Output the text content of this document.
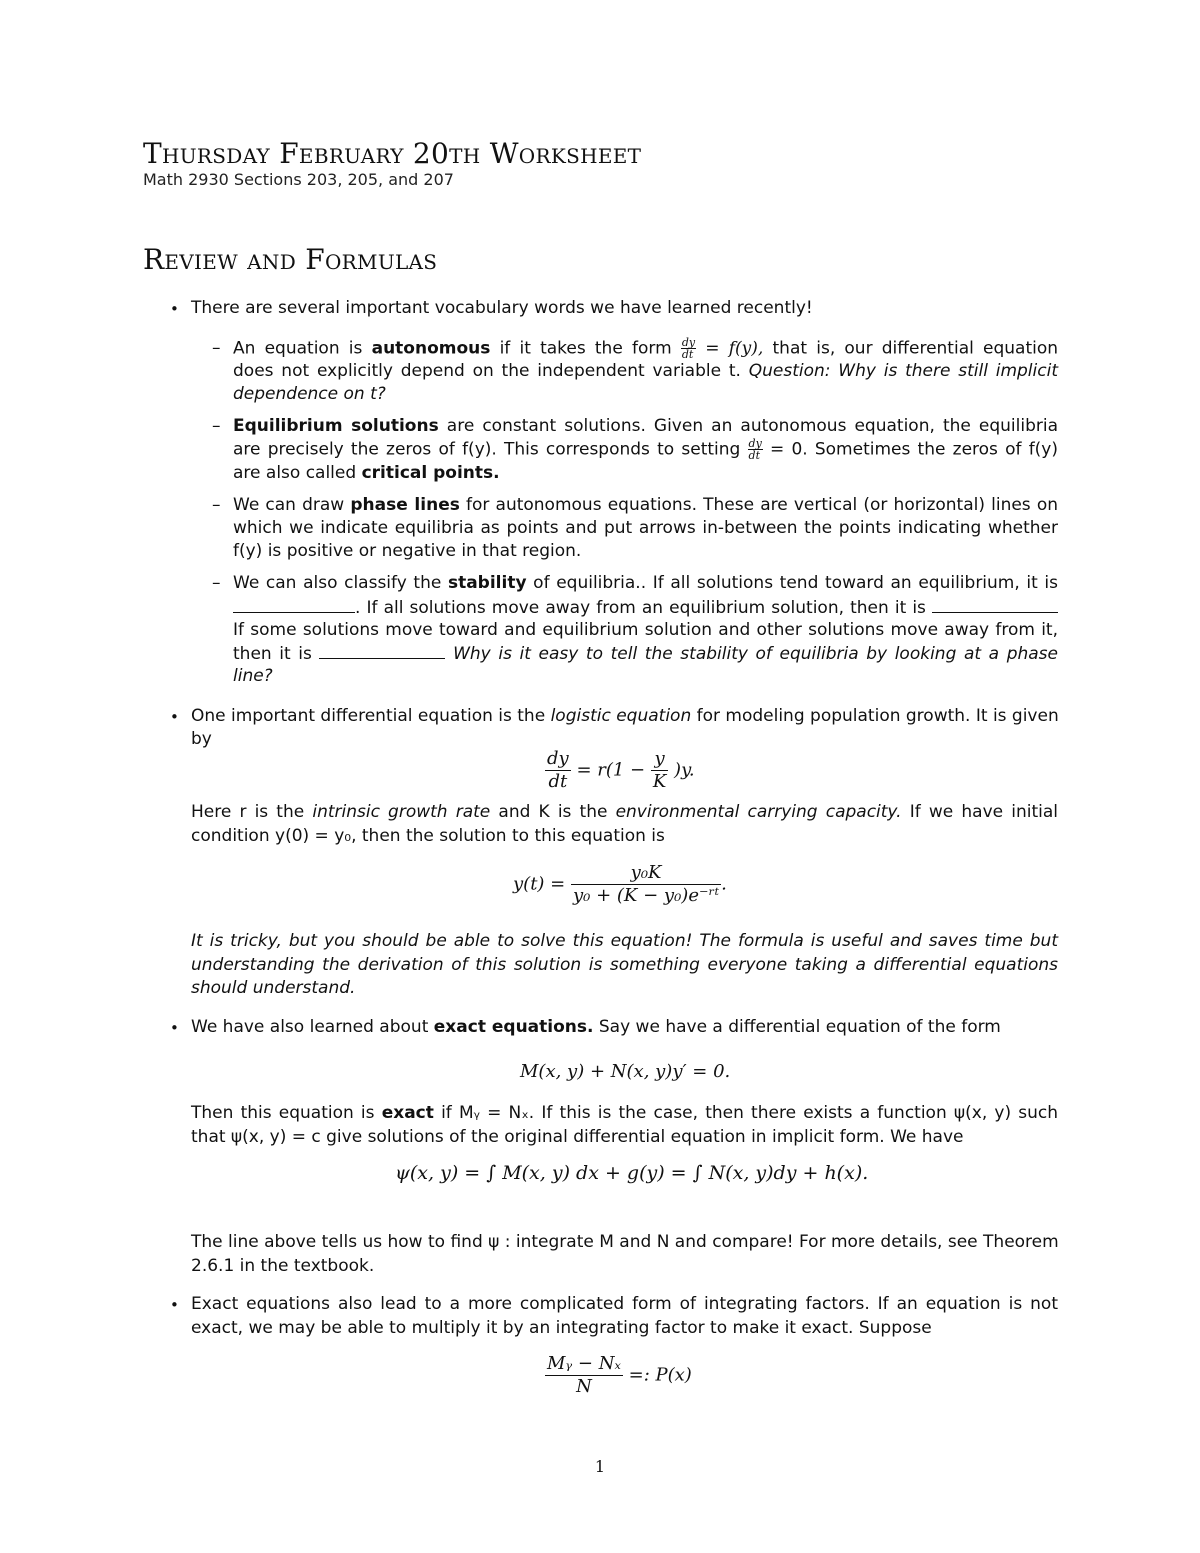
Thursday February 20th Worksheet
Math 2930 Sections 203, 205, and 207
Review and Formulas
• There are several important vocabulary words we have learned recently!
– An equation is autonomous if it takes the form $\frac{dy}{dt} = f(y)$, that is, our differential equation
does not explicitly depend on the independent variable t. Question: Why is there still implicit
dependence on t?
– Equilibrium solutions are constant solutions. Given an autonomous equation, the equilibria
are precisely the zeros of f(y). This corresponds to setting $\frac{dy}{dt} = 0$. Sometimes the zeros of f(y)
are also called critical points.
– We can draw phase lines for autonomous equations. These are vertical (or horizontal) lines on
which we indicate equilibria as points and put arrows in-between the points indicating whether
f(y) is positive or negative in that region.
– We can also classify the stability of equilibria.. If all solutions tend toward an equilibrium, it is
. If all solutions move away from an equilibrium solution, then it is
If some solutions move toward and equilibrium solution and other solutions move away from it,
then it is	Why is it easy to tell the stability of equilibria by looking at a phase
line?
• One important differential equation is the logistic equation for modeling population growth. It is given
by
$\frac{dy}{dt} = r(1 - \frac{y}{K} )y$.
Here r is the intrinsic growth rate and K is the environmental carrying capacity. If we have initial
condition y(0) = y₀, then the solution to this equation is
$y(t) = \frac{\text{y₀K}}{\text{y₀ + (K − y₀)e⁻ʳᵗ}}$ .
It is tricky, but you should be able to solve this equation! The formula is useful and saves time but
understanding the derivation of this solution is something everyone taking a differential equations
should understand.
• We have also learned about exact equations. Say we have a differential equation of the form
M(x, y) + N(x, y)y′ = 0.
Then this equation is exact if Mᵧ = Nₓ. If this is the case, then there exists a function ψ(x, y) such
that ψ(x, y) = c give solutions of the original differential equation in implicit form. We have
ψ(x, y) = ∫ M(x, y) dx + g(y) = ∫ N(x, y)dy + h(x).
The line above tells us how to find ψ : integrate M and N and compare! For more details, see Theorem
2.6.1 in the textbook.
• Exact equations also lead to a more complicated form of integrating factors. If an equation is not
exact, we may be able to multiply it by an integrating factor to make it exact. Suppose
$\frac{\text{Mᵧ − Nₓ}}{N}$ =: P(x)
1
